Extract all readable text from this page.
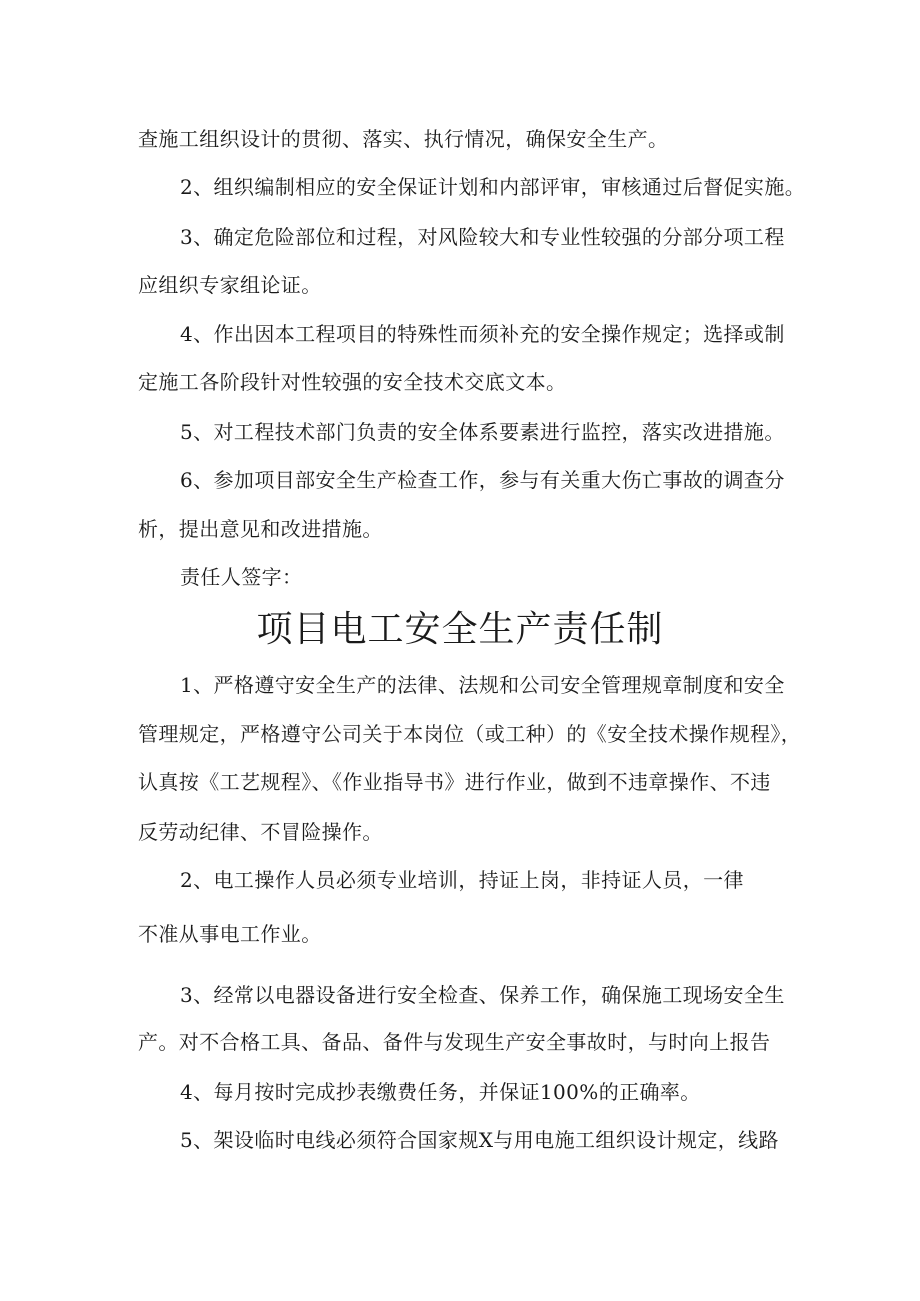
查施工组织设计的贯彻、落实、执行情况，确保安全生产。
2、组织编制相应的安全保证计划和内部评审，审核通过后督促实施。
3、确定危险部位和过程，对风险较大和专业性较强的分部分项工程
应组织专家组论证。
4、作出因本工程项目的特殊性而须补充的安全操作规定；选择或制
定施工各阶段针对性较强的安全技术交底文本。
5、对工程技术部门负责的安全体系要素进行监控，落实改进措施。
6、参加项目部安全生产检查工作，参与有关重大伤亡事故的调查分
析，提出意见和改进措施。
责任人签字：
项目电工安全生产责任制
1、严格遵守安全生产的法律、法规和公司安全管理规章制度和安全
管理规定，严格遵守公司关于本岗位（或工种）的《安全技术操作规程》，
认真按《工艺规程》、《作业指导书》进行作业，做到不违章操作、不违
反劳动纪律、不冒险操作。
2、电工操作人员必须专业培训，持证上岗，非持证人员，一律
不准从事电工作业。
3、经常以电器设备进行安全检查、保养工作，确保施工现场安全生
产。对不合格工具、备品、备件与发现生产安全事故时，与时向上报告
4、每月按时完成抄表缴费任务，并保证100%的正确率。
5、架设临时电线必须符合国家规X与用电施工组织设计规定，线路
